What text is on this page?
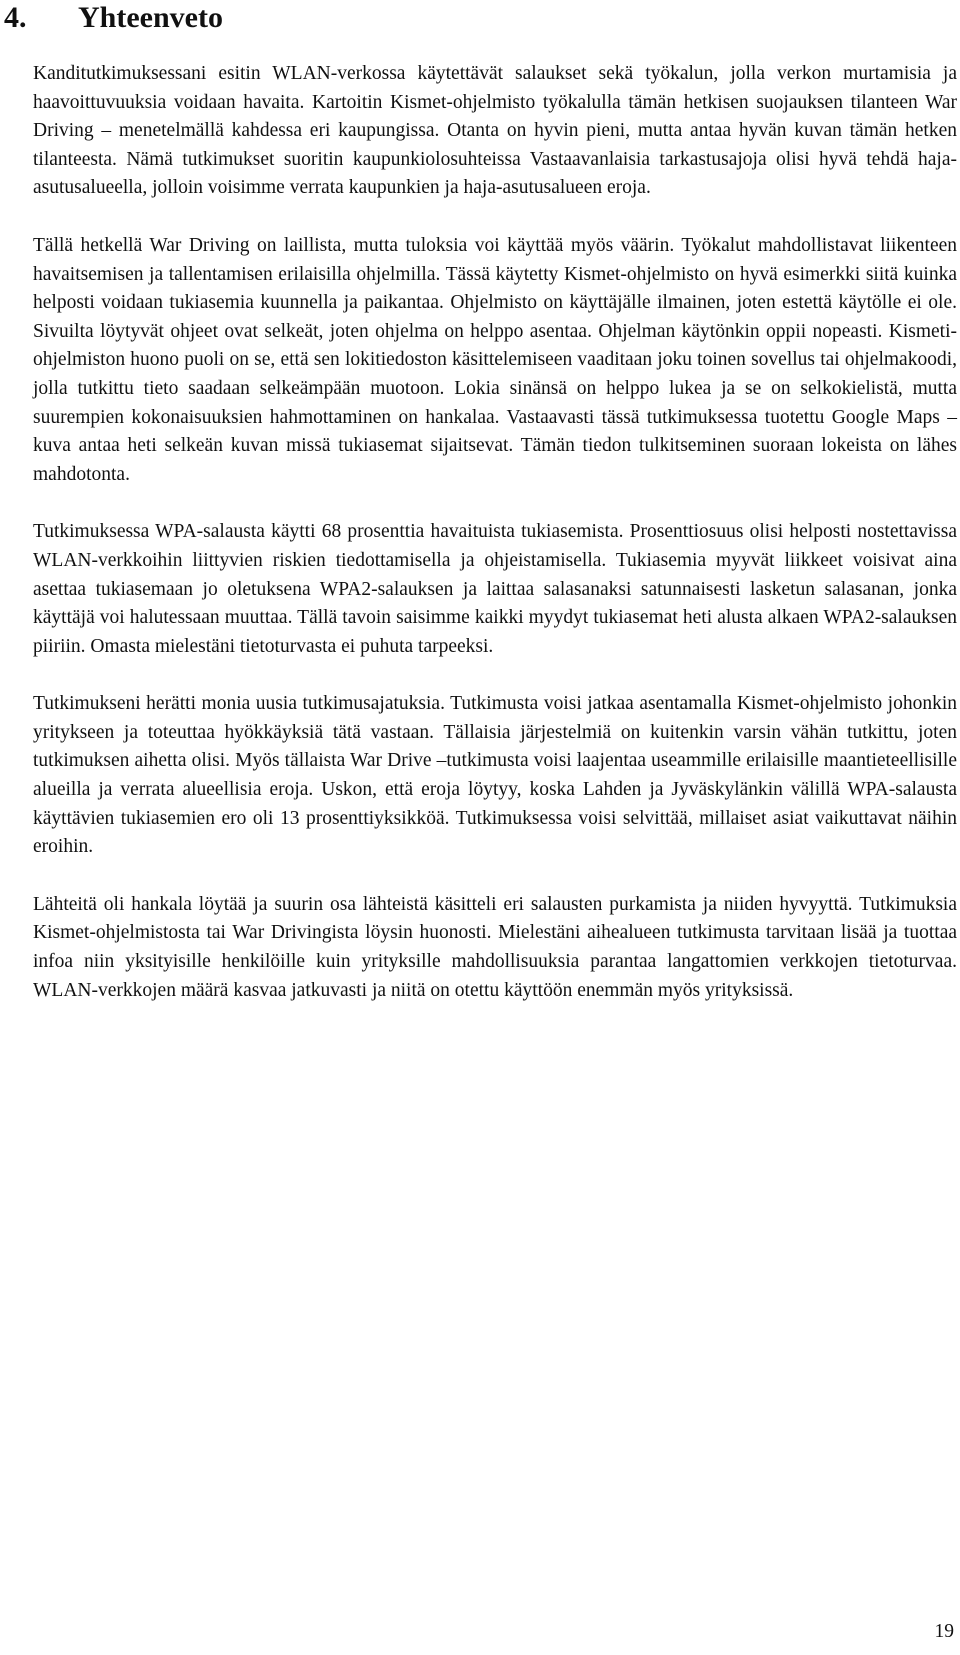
4. Yhteenveto

Kanditutkimuksessani esitin WLAN-verkossa käytettävät salaukset sekä työkalun, jolla verkon murtamisia ja haavoittuvuuksia voidaan havaita. Kartoitin Kismet-ohjelmisto työkalulla tämän hetkisen suojauksen tilanteen War Driving – menetelmällä kahdessa eri kaupungissa. Otanta on hyvin pieni, mutta antaa hyvän kuvan tämän hetken tilanteesta. Nämä tutkimukset suoritin kaupunkiolosuhteissa Vastaavanlaisia tarkastusajoja olisi hyvä tehdä haja-asutusalueella, jolloin voisimme verrata kaupunkien ja haja-asutusalueen eroja.

Tällä hetkellä War Driving on laillista, mutta tuloksia voi käyttää myös väärin. Työkalut mahdollistavat liikenteen havaitsemisen ja tallentamisen erilaisilla ohjelmilla. Tässä käytetty Kismet-ohjelmisto on hyvä esimerkki siitä kuinka helposti voidaan tukiasemia kuunnella ja paikantaa. Ohjelmisto on käyttäjälle ilmainen, joten estettä käytölle ei ole. Sivuilta löytyvät ohjeet ovat selkeät, joten ohjelma on helppo asentaa. Ohjelman käytönkin oppii nopeasti. Kismeti-ohjelmiston huono puoli on se, että sen lokitiedoston käsittelemiseen vaaditaan joku toinen sovellus tai ohjelmakoodi, jolla tutkittu tieto saadaan selkeämpään muotoon. Lokia sinänsä on helppo lukea ja se on selkokielistä, mutta suurempien kokonaisuuksien hahmottaminen on hankalaa. Vastaavasti tässä tutkimuksessa tuotettu Google Maps –kuva antaa heti selkeän kuvan missä tukiasemat sijaitsevat. Tämän tiedon tulkitseminen suoraan lokeista on lähes mahdotonta.

Tutkimuksessa WPA-salausta käytti 68 prosenttia havaituista tukiasemista. Prosenttiosuus olisi helposti nostettavissa WLAN-verkkoihin liittyvien riskien tiedottamisella ja ohjeistamisella. Tukiasemia myyvät liikkeet voisivat aina asettaa tukiasemaan jo oletuksena WPA2-salauksen ja laittaa salasanaksi satunnaisesti lasketun salasanan, jonka käyttäjä voi halutessaan muuttaa. Tällä tavoin saisimme kaikki myydyt tukiasemat heti alusta alkaen WPA2-salauksen piiriin. Omasta mielestäni tietoturvasta ei puhuta tarpeeksi.

Tutkimukseni herätti monia uusia tutkimusajatuksia. Tutkimusta voisi jatkaa asentamalla Kismet-ohjelmisto johonkin yritykseen ja toteuttaa hyökkäyksiä tätä vastaan. Tällaisia järjestelmiä on kuitenkin varsin vähän tutkittu, joten tutkimuksen aihetta olisi. Myös tällaista War Drive –tutkimusta voisi laajentaa useammille erilaisille maantieteellisille alueilla ja verrata alueellisia eroja. Uskon, että eroja löytyy, koska Lahden ja Jyväskylänkin välillä WPA-salausta käyttävien tukiasemien ero oli 13 prosenttiyksikköä. Tutkimuksessa voisi selvittää, millaiset asiat vaikuttavat näihin eroihin.

Lähteitä oli hankala löytää ja suurin osa lähteistä käsitteli eri salausten purkamista ja niiden hyvyyttä. Tutkimuksia Kismet-ohjelmistosta tai War Drivingista löysin huonosti. Mielestäni aihealueen tutkimusta tarvitaan lisää ja tuottaa infoa niin yksityisille henkilöille kuin yrityksille mahdollisuuksia parantaa langattomien verkkojen tietoturvaa. WLAN-verkkojen määrä kasvaa jatkuvasti ja niitä on otettu käyttöön enemmän myös yrityksissä.

19
